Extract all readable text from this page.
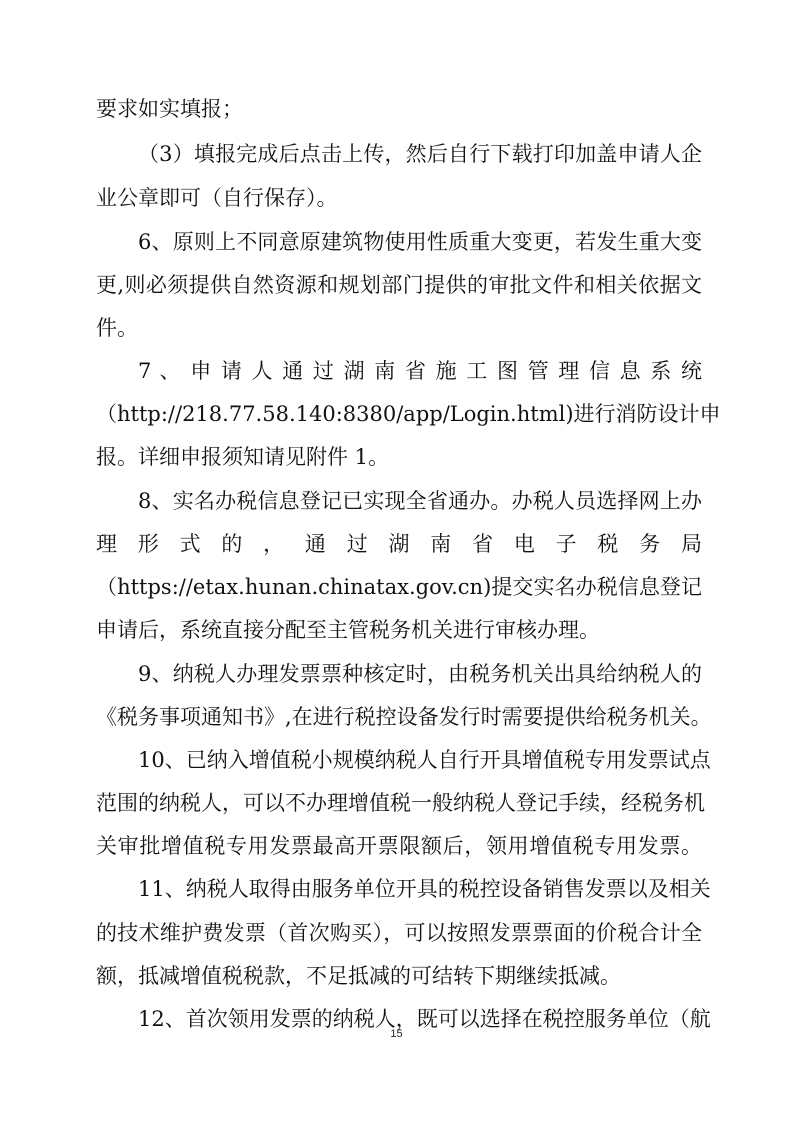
要求如实填报；
（3）填报完成后点击上传，然后自行下载打印加盖申请人企
业公章即可（自行保存）。
6、原则上不同意原建筑物使用性质重大变更，若发生重大变
更,则必须提供自然资源和规划部门提供的审批文件和相关依据文
件。
7 、 申 请 人 通 过 湖 南 省 施 工 图 管 理 信 息 系 统
（http://218.77.58.140:8380/app/Login.html)进行消防设计申
报。详细申报须知请见附件 1。
8、实名办税信息登记已实现全省通办。办税人员选择网上办
理 形 式 的 ， 通 过 湖 南 省 电 子 税 务 局
（https://etax.hunan.chinatax.gov.cn)提交实名办税信息登记
申请后，系统直接分配至主管税务机关进行审核办理。
9、纳税人办理发票票种核定时，由税务机关出具给纳税人的
《税务事项通知书》,在进行税控设备发行时需要提供给税务机关。
10、已纳入增值税小规模纳税人自行开具增值税专用发票试点
范围的纳税人，可以不办理增值税一般纳税人登记手续，经税务机
关审批增值税专用发票最高开票限额后，领用增值税专用发票。
11、纳税人取得由服务单位开具的税控设备销售发票以及相关
的技术维护费发票（首次购买），可以按照发票票面的价税合计全
额，抵减增值税税款，不足抵减的可结转下期继续抵减。
12、首次领用发票的纳税人，既可以选择在税控服务单位（航
15
